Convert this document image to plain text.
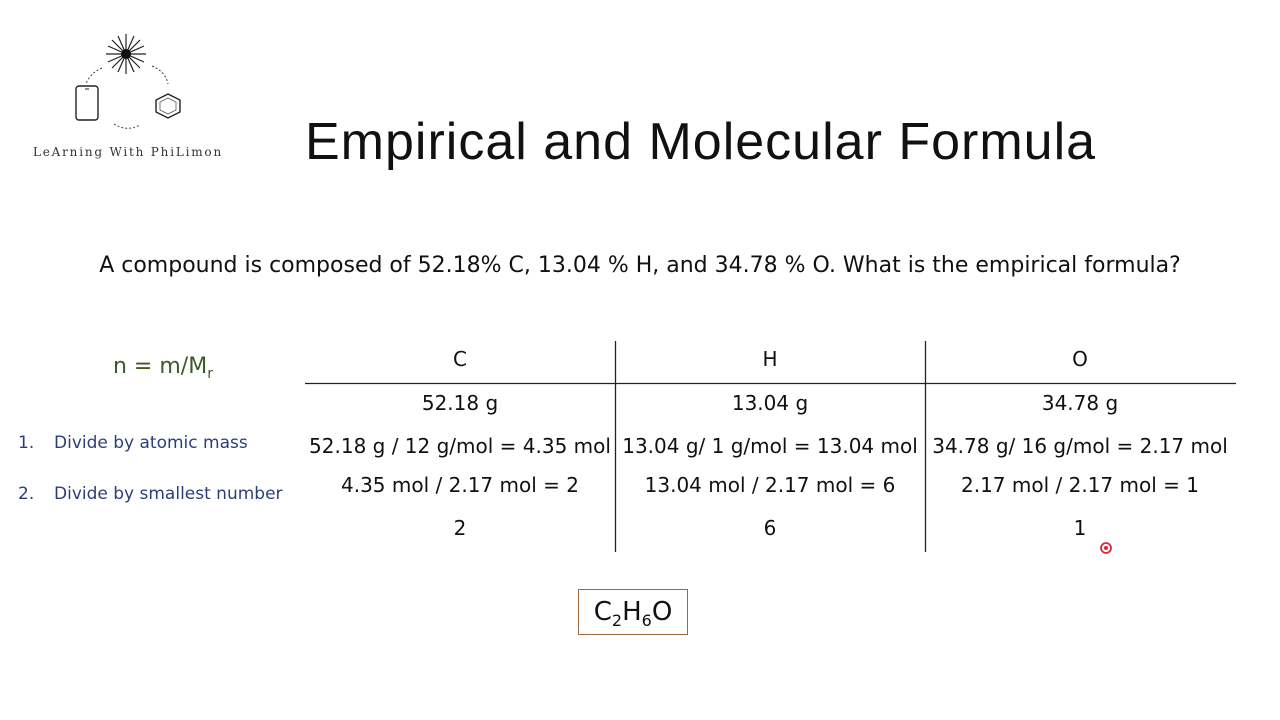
LeArning With PhiLimon Empirical and Molecular Formula
A compound is composed of 52.18% C, 13.04 % H, and 34.78 % O. What is the empirical formula?
$n = m/M_r$
1. Divide by atomic mass
2. Divide by smallest number
C
52.18 g
52.18 g / 12 g/mol = 4.35 mol
4.35 mol / 2.17 mol = 2
2
H
13.04 g
13.04 g/ 1 g/mol = 13.04 mol
13.04 mol / 2.17 mol = 6
6
O
34.78 g
34.78 g/ 16 g/mol = 2.17 mol
2.17 mol / 2.17 mol = 1
1
$C_2H_6O$
